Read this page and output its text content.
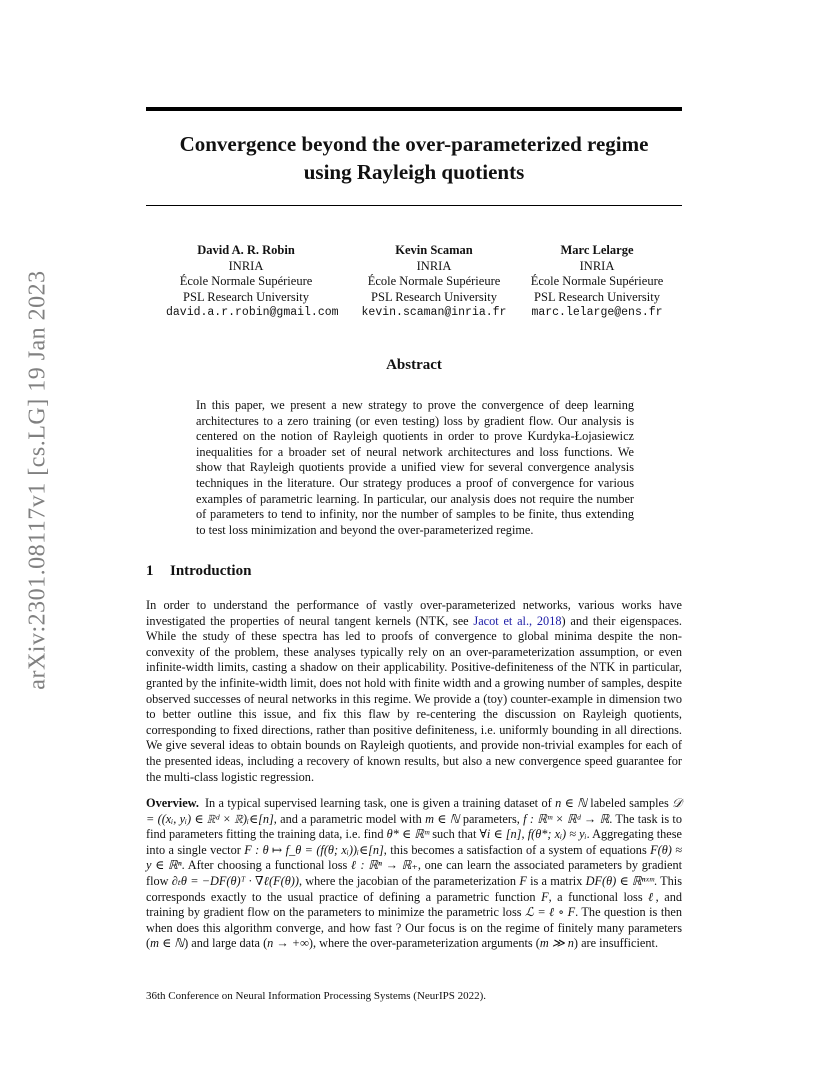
arXiv:2301.08117v1 [cs.LG] 19 Jan 2023
Convergence beyond the over-parameterized regime
using Rayleigh quotients
David A. R. Robin
INRIA
École Normale Supérieure
PSL Research University
david.a.r.robin@gmail.com
Kevin Scaman
INRIA
École Normale Supérieure
PSL Research University
kevin.scaman@inria.fr
Marc Lelarge
INRIA
École Normale Supérieure
PSL Research University
marc.lelarge@ens.fr
Abstract
In this paper, we present a new strategy to prove the convergence of deep learning architectures to a zero training (or even testing) loss by gradient flow. Our analysis is centered on the notion of Rayleigh quotients in order to prove Kurdyka-Łojasiewicz inequalities for a broader set of neural network architectures and loss functions. We show that Rayleigh quotients provide a unified view for several convergence analysis techniques in the literature. Our strategy produces a proof of convergence for various examples of parametric learning. In particular, our analysis does not require the number of parameters to tend to infinity, nor the number of samples to be finite, thus extending to test loss minimization and beyond the over-parameterized regime.
1 Introduction
In order to understand the performance of vastly over-parameterized networks, various works have investigated the properties of neural tangent kernels (NTK, see Jacot et al., 2018) and their eigenspaces. While the study of these spectra has led to proofs of convergence to global minima despite the non-convexity of the problem, these analyses typically rely on an over-parameterization assumption, or even infinite-width limits, casting a shadow on their applicability. Positive-definiteness of the NTK in particular, granted by the infinite-width limit, does not hold with finite width and a growing number of samples, despite observed successes of neural networks in this regime. We provide a (toy) counter-example in dimension two to better outline this issue, and fix this flaw by re-centering the discussion on Rayleigh quotients, corresponding to fixed directions, rather than positive definiteness, i.e. uniformly bounding in all directions. We give several ideas to obtain bounds on Rayleigh quotients, and provide non-trivial examples for each of the presented ideas, including a recovery of known results, but also a new convergence speed guarantee for the multi-class logistic regression.
Overview. In a typical supervised learning task, one is given a training dataset of n ∈ ℕ labeled samples 𝒟 = ((xᵢ, yᵢ) ∈ ℝᵈ × ℝ)ᵢ∈[n], and a parametric model with m ∈ ℕ parameters, f : ℝᵐ × ℝᵈ → ℝ. The task is to find parameters fitting the training data, i.e. find θ* ∈ ℝᵐ such that ∀i ∈ [n], f(θ*; xᵢ) ≈ yᵢ. Aggregating these into a single vector F : θ ↦ f_θ = (f(θ; xᵢ))ᵢ∈[n], this becomes a satisfaction of a system of equations F(θ) ≈ y ∈ ℝⁿ. After choosing a functional loss ℓ : ℝⁿ → ℝ₊, one can learn the associated parameters by gradient flow ∂ₜθ = −DF(θ)ᵀ · ∇ℓ(F(θ)), where the jacobian of the parameterization F is a matrix DF(θ) ∈ ℝⁿˣᵐ. This corresponds exactly to the usual practice of defining a parametric function F, a functional loss ℓ, and training by gradient flow on the parameters to minimize the parametric loss ℒ = ℓ ∘ F. The question is then when does this algorithm converge, and how fast ? Our focus is on the regime of finitely many parameters (m ∈ ℕ) and large data (n → +∞), where the over-parameterization arguments (m ≫ n) are insufficient.
36th Conference on Neural Information Processing Systems (NeurIPS 2022).
